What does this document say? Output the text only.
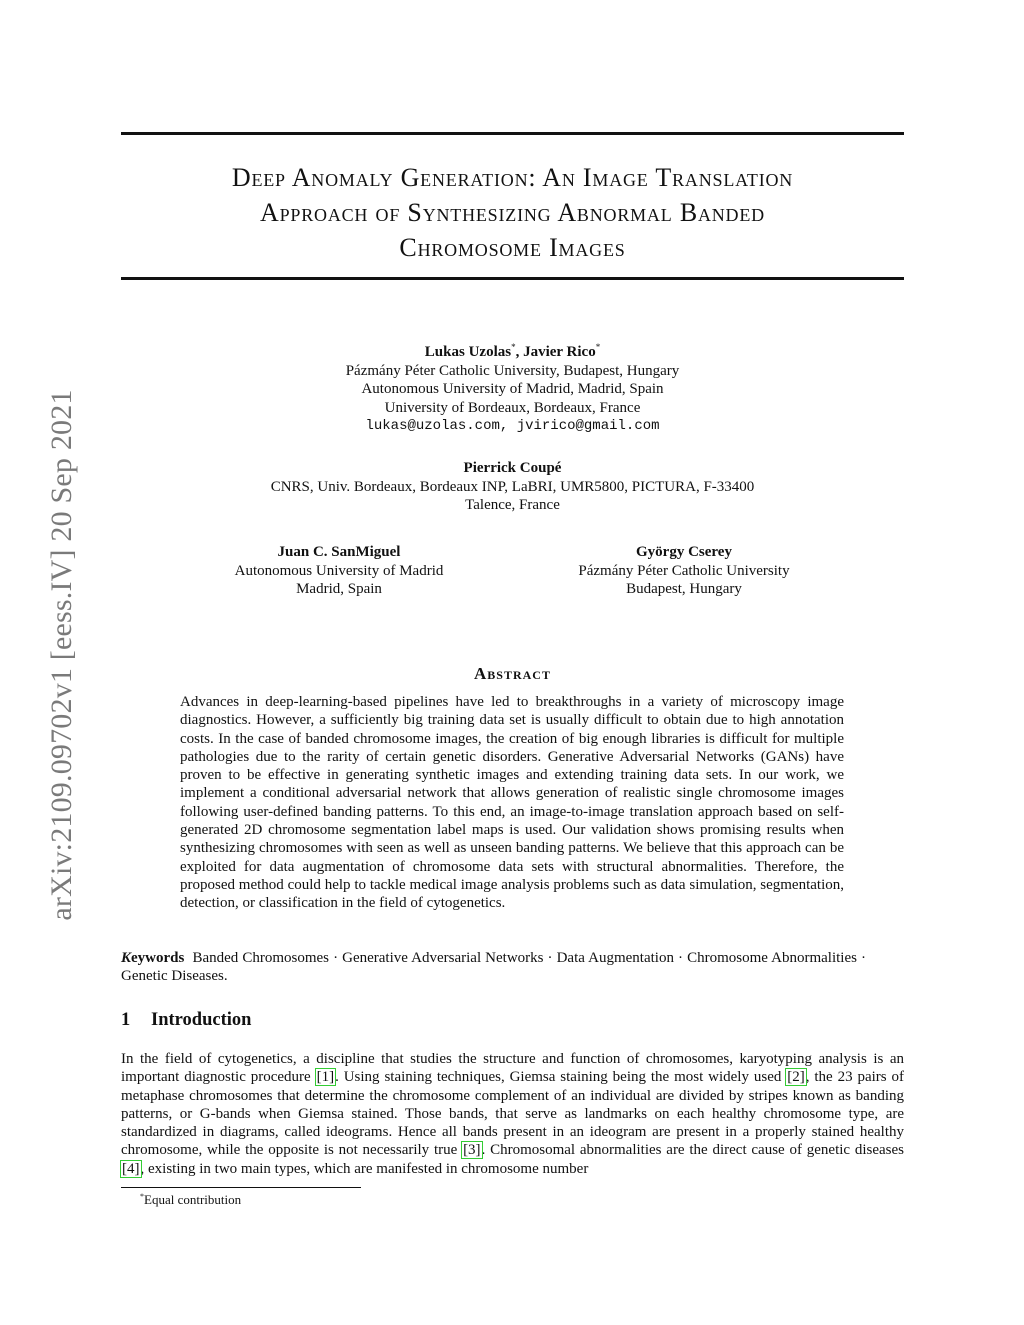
arXiv:2109.09702v1 [eess.IV] 20 Sep 2021
Deep Anomaly Generation: An Image Translation
Approach of Synthesizing Abnormal Banded
Chromosome Images
Lukas Uzolas*, Javier Rico*
Pázmány Péter Catholic University, Budapest, Hungary
Autonomous University of Madrid, Madrid, Spain
University of Bordeaux, Bordeaux, France
lukas@uzolas.com, jvirico@gmail.com
Pierrick Coupé
CNRS, Univ. Bordeaux, Bordeaux INP, LaBRI, UMR5800, PICTURA, F-33400
Talence, France
Juan C. SanMiguel
Autonomous University of Madrid
Madrid, Spain
György Cserey
Pázmány Péter Catholic University
Budapest, Hungary
Abstract
Advances in deep-learning-based pipelines have led to breakthroughs in a variety of microscopy image diagnostics. However, a sufficiently big training data set is usually difficult to obtain due to high annotation costs. In the case of banded chromosome images, the creation of big enough libraries is difficult for multiple pathologies due to the rarity of certain genetic disorders. Generative Adversarial Networks (GANs) have proven to be effective in generating synthetic images and extending training data sets. In our work, we implement a conditional adversarial network that allows generation of realistic single chromosome images following user-defined banding patterns. To this end, an image-to-image translation approach based on self-generated 2D chromosome segmentation label maps is used. Our validation shows promising results when synthesizing chromosomes with seen as well as unseen banding patterns. We believe that this approach can be exploited for data augmentation of chromosome data sets with structural abnormalities. Therefore, the proposed method could help to tackle medical image analysis problems such as data simulation, segmentation, detection, or classification in the field of cytogenetics.
Keywords Banded Chromosomes · Generative Adversarial Networks · Data Augmentation · Chromosome Abnormalities · Genetic Diseases.
1 Introduction
In the field of cytogenetics, a discipline that studies the structure and function of chromosomes, karyotyping analysis is an important diagnostic procedure [1]. Using staining techniques, Giemsa staining being the most widely used [2], the 23 pairs of metaphase chromosomes that determine the chromosome complement of an individual are divided by stripes known as banding patterns, or G-bands when Giemsa stained. Those bands, that serve as landmarks on each healthy chromosome type, are standardized in diagrams, called ideograms. Hence all bands present in an ideogram are present in a properly stained healthy chromosome, while the opposite is not necessarily true [3]. Chromosomal abnormalities are the direct cause of genetic diseases [4], existing in two main types, which are manifested in chromosome number
*Equal contribution
